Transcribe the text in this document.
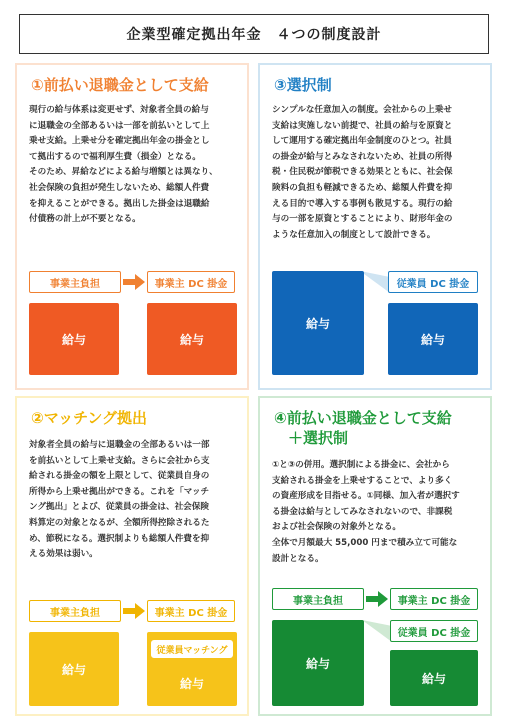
企業型確定拠出年金　４つの制度設計
①前払い退職金として支給
現行の給与体系は変更せず、対象者全員の給与
に退職金の全部あるいは一部を前払いとして上
乗せ支給。上乗せ分を確定拠出年金の掛金とし
て拠出するので福利厚生費（損金）となる。
そのため、昇給などによる給与増額とは異なり、
社会保険の負担が発生しないため、総額人件費
を抑えることができる。拠出した掛金は退職給
付債務の計上が不要となる。
事業主負担	事業主 DC 掛金
給与	給与
③選択制
シンプルな任意加入の制度。会社からの上乗せ
支給は実施しない前提で、社員の給与を原資と
して運用する確定拠出年金制度のひとつ。社員
の掛金が給与とみなされないため、社員の所得
税・住民税が節税できる効果とともに、社会保
険料の負担も軽減できるため、総額人件費を抑
える目的で導入する事例も散見する。現行の給
与の一部を原資とすることにより、財形年金の
ような任意加入の制度として設計できる。
従業員 DC 掛金
給与
給与
②マッチング拠出
対象者全員の給与に退職金の全部あるいは一部
を前払いとして上乗せ支給。さらに会社から支
給される掛金の額を上限として、従業員自身の
所得から上乗せ拠出ができる。これを「マッチ
ング拠出」とよび、従業員の掛金は、社会保険
料算定の対象となるが、全額所得控除されるた
め、節税になる。選択制よりも総額人件費を抑
える効果は弱い。
事業主負担	事業主 DC 掛金
給与
給与
従業員マッチング
④前払い退職金として支給
＋選択制
①と③の併用。選択制による掛金に、会社から
支給される掛金を上乗せすることで、より多く
の資産形成を目指せる。①同様、加入者が選択す
る掛金は給与としてみなされないので、非課税
および社会保険の対象外となる。
全体で月額最大 55,000 円まで積み立て可能な
設計となる。
事業主負担	事業主 DC 掛金
従業員 DC 掛金
給与
給与
